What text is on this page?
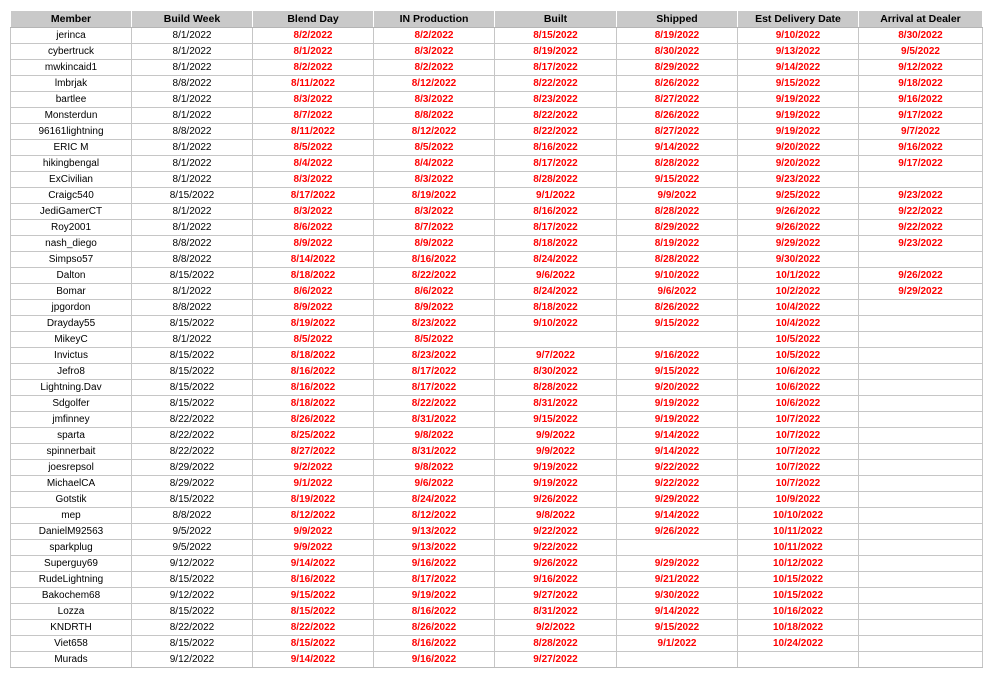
Member	Build Week	Blend Day	IN Production	Built	Shipped	Est Delivery Date	Arrival at Dealer
jerinca	8/1/2022	8/2/2022	8/2/2022	8/15/2022	8/19/2022	9/10/2022	8/30/2022
cybertruck	8/1/2022	8/1/2022	8/3/2022	8/19/2022	8/30/2022	9/13/2022	9/5/2022
mwkincaid1	8/1/2022	8/2/2022	8/2/2022	8/17/2022	8/29/2022	9/14/2022	9/12/2022
lmbrjak	8/8/2022	8/11/2022	8/12/2022	8/22/2022	8/26/2022	9/15/2022	9/18/2022
bartlee	8/1/2022	8/3/2022	8/3/2022	8/23/2022	8/27/2022	9/19/2022	9/16/2022
Monsterdun	8/1/2022	8/7/2022	8/8/2022	8/22/2022	8/26/2022	9/19/2022	9/17/2022
96161lightning	8/8/2022	8/11/2022	8/12/2022	8/22/2022	8/27/2022	9/19/2022	9/7/2022
ERIC M	8/1/2022	8/5/2022	8/5/2022	8/16/2022	9/14/2022	9/20/2022	9/16/2022
hikingbengal	8/1/2022	8/4/2022	8/4/2022	8/17/2022	8/28/2022	9/20/2022	9/17/2022
ExCivilian	8/1/2022	8/3/2022	8/3/2022	8/28/2022	9/15/2022	9/23/2022	
Craigc540	8/15/2022	8/17/2022	8/19/2022	9/1/2022	9/9/2022	9/25/2022	9/23/2022
JediGamerCT	8/1/2022	8/3/2022	8/3/2022	8/16/2022	8/28/2022	9/26/2022	9/22/2022
Roy2001	8/1/2022	8/6/2022	8/7/2022	8/17/2022	8/29/2022	9/26/2022	9/22/2022
nash_diego	8/8/2022	8/9/2022	8/9/2022	8/18/2022	8/19/2022	9/29/2022	9/23/2022
Simpso57	8/8/2022	8/14/2022	8/16/2022	8/24/2022	8/28/2022	9/30/2022	
Dalton	8/15/2022	8/18/2022	8/22/2022	9/6/2022	9/10/2022	10/1/2022	9/26/2022
Bomar	8/1/2022	8/6/2022	8/6/2022	8/24/2022	9/6/2022	10/2/2022	9/29/2022
jpgordon	8/8/2022	8/9/2022	8/9/2022	8/18/2022	8/26/2022	10/4/2022	
Drayday55	8/15/2022	8/19/2022	8/23/2022	9/10/2022	9/15/2022	10/4/2022	
MikeyC	8/1/2022	8/5/2022	8/5/2022			10/5/2022	
Invictus	8/15/2022	8/18/2022	8/23/2022	9/7/2022	9/16/2022	10/5/2022	
Jefro8	8/15/2022	8/16/2022	8/17/2022	8/30/2022	9/15/2022	10/6/2022	
Lightning.Dav	8/15/2022	8/16/2022	8/17/2022	8/28/2022	9/20/2022	10/6/2022	
Sdgolfer	8/15/2022	8/18/2022	8/22/2022	8/31/2022	9/19/2022	10/6/2022	
jmfinney	8/22/2022	8/26/2022	8/31/2022	9/15/2022	9/19/2022	10/7/2022	
sparta	8/22/2022	8/25/2022	9/8/2022	9/9/2022	9/14/2022	10/7/2022	
spinnerbait	8/22/2022	8/27/2022	8/31/2022	9/9/2022	9/14/2022	10/7/2022	
joesrepsol	8/29/2022	9/2/2022	9/8/2022	9/19/2022	9/22/2022	10/7/2022	
MichaelCA	8/29/2022	9/1/2022	9/6/2022	9/19/2022	9/22/2022	10/7/2022	
Gotstik	8/15/2022	8/19/2022	8/24/2022	9/26/2022	9/29/2022	10/9/2022	
mep	8/8/2022	8/12/2022	8/12/2022	9/8/2022	9/14/2022	10/10/2022	
DanielM92563	9/5/2022	9/9/2022	9/13/2022	9/22/2022	9/26/2022	10/11/2022	
sparkplug	9/5/2022	9/9/2022	9/13/2022	9/22/2022		10/11/2022	
Superguy69	9/12/2022	9/14/2022	9/16/2022	9/26/2022	9/29/2022	10/12/2022	
RudeLightning	8/15/2022	8/16/2022	8/17/2022	9/16/2022	9/21/2022	10/15/2022	
Bakochem68	9/12/2022	9/15/2022	9/19/2022	9/27/2022	9/30/2022	10/15/2022	
Lozza	8/15/2022	8/15/2022	8/16/2022	8/31/2022	9/14/2022	10/16/2022	
KNDRTH	8/22/2022	8/22/2022	8/26/2022	9/2/2022	9/15/2022	10/18/2022	
Viet658	8/15/2022	8/15/2022	8/16/2022	8/28/2022	9/1/2022	10/24/2022	
Murads	9/12/2022	9/14/2022	9/16/2022	9/27/2022			
